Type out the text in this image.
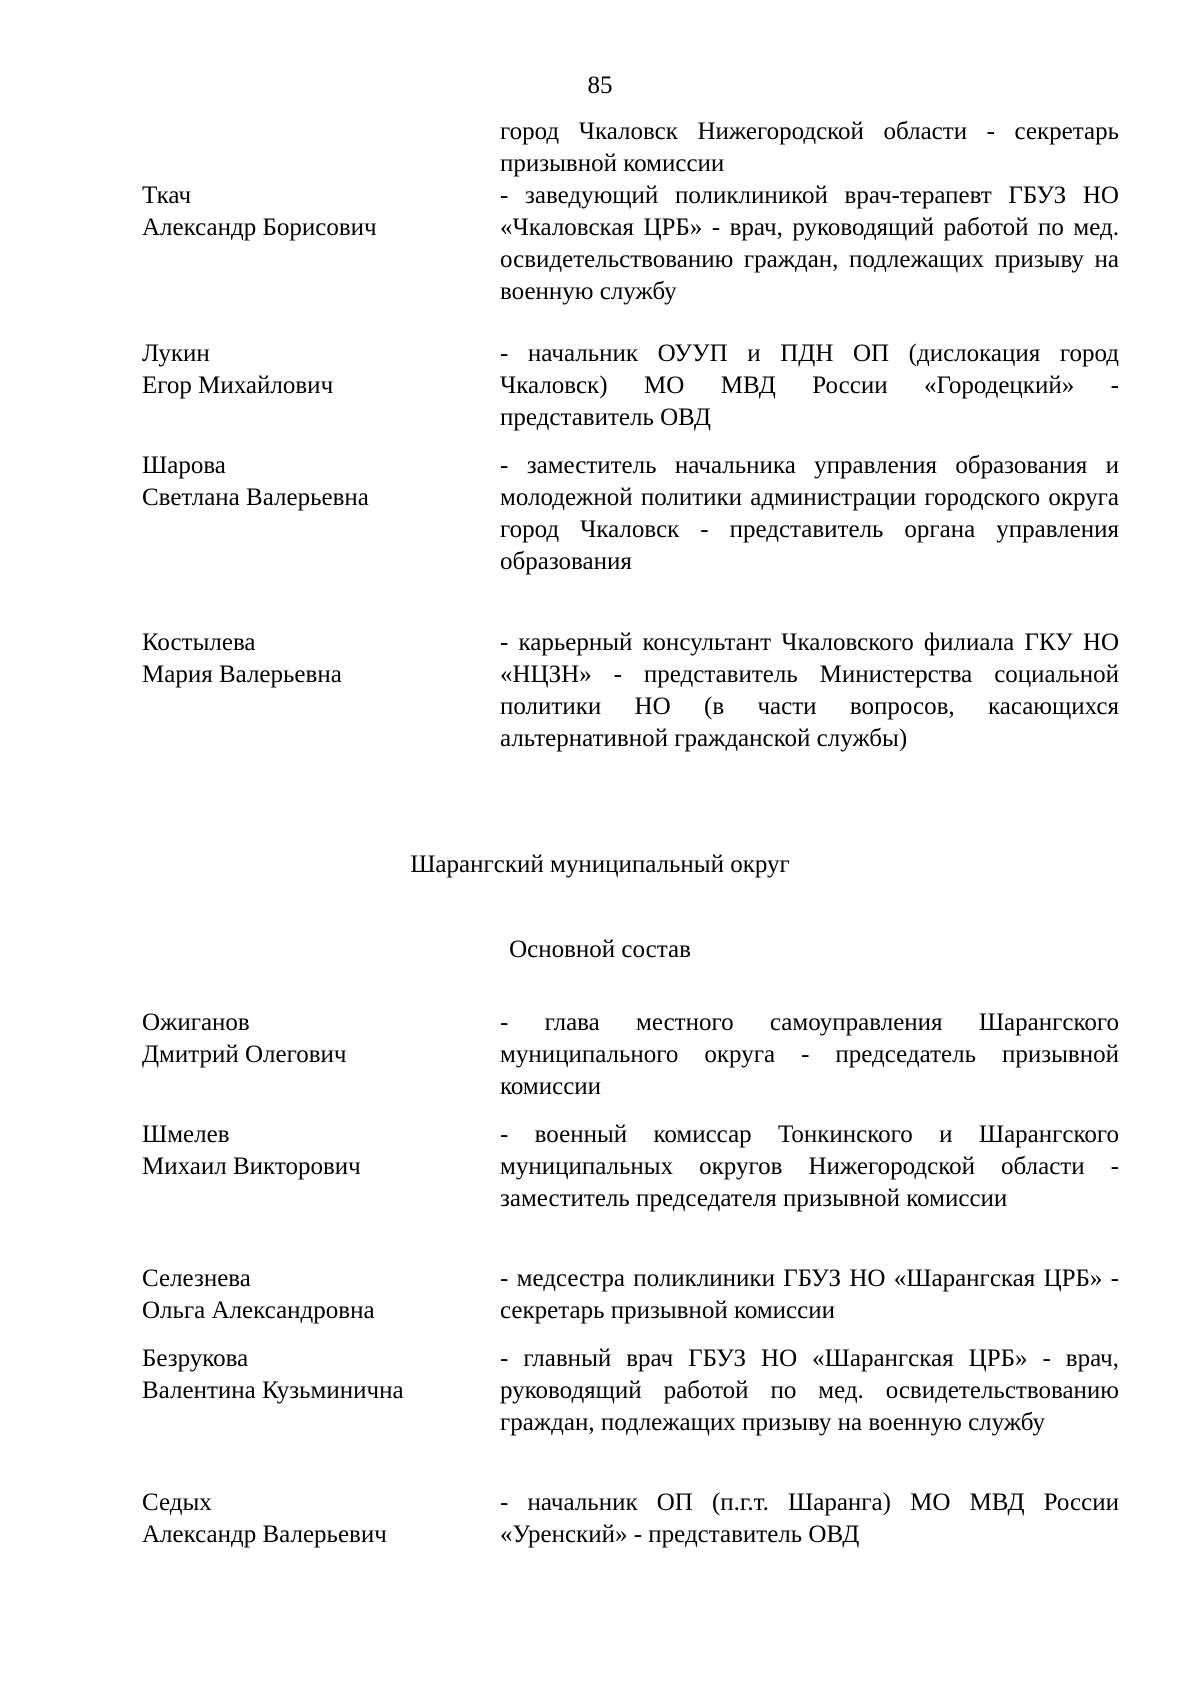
85
город Чкаловск Нижегородской области - секретарь призывной комиссии
Ткач
Александр Борисович
- заведующий поликлиникой врач-терапевт ГБУЗ НО «Чкаловская ЦРБ» - врач, руководящий работой по мед. освидетельствованию граждан, подлежащих призыву на военную службу
Лукин
Егор Михайлович
- начальник ОУУП и ПДН ОП (дислокация город Чкаловск) МО МВД России «Городецкий» - представитель ОВД
Шарова
Светлана Валерьевна
- заместитель начальника управления образования и молодежной политики администрации городского округа город Чкаловск - представитель органа управления образования
Костылева
Мария Валерьевна
- карьерный консультант Чкаловского филиала ГКУ НО «НЦЗН» - представитель Министерства социальной политики НО (в части вопросов, касающихся альтернативной гражданской службы)
Шарангский муниципальный округ
Основной состав
Ожиганов
Дмитрий Олегович
- глава местного самоуправления Шарангского муниципального округа - председатель призывной комиссии
Шмелев
Михаил Викторович
- военный комиссар Тонкинского и Шарангского муниципальных округов Нижегородской области - заместитель председателя призывной комиссии
Селезнева
Ольга Александровна
- медсестра поликлиники ГБУЗ НО «Шарангская ЦРБ» - секретарь призывной комиссии
Безрукова
Валентина Кузьминична
- главный врач ГБУЗ НО «Шарангская ЦРБ» - врач, руководящий работой по мед. освидетельствованию граждан, подлежащих призыву на военную службу
Седых
Александр Валерьевич
- начальник ОП (п.г.т. Шаранга) МО МВД России «Уренский» - представитель ОВД
